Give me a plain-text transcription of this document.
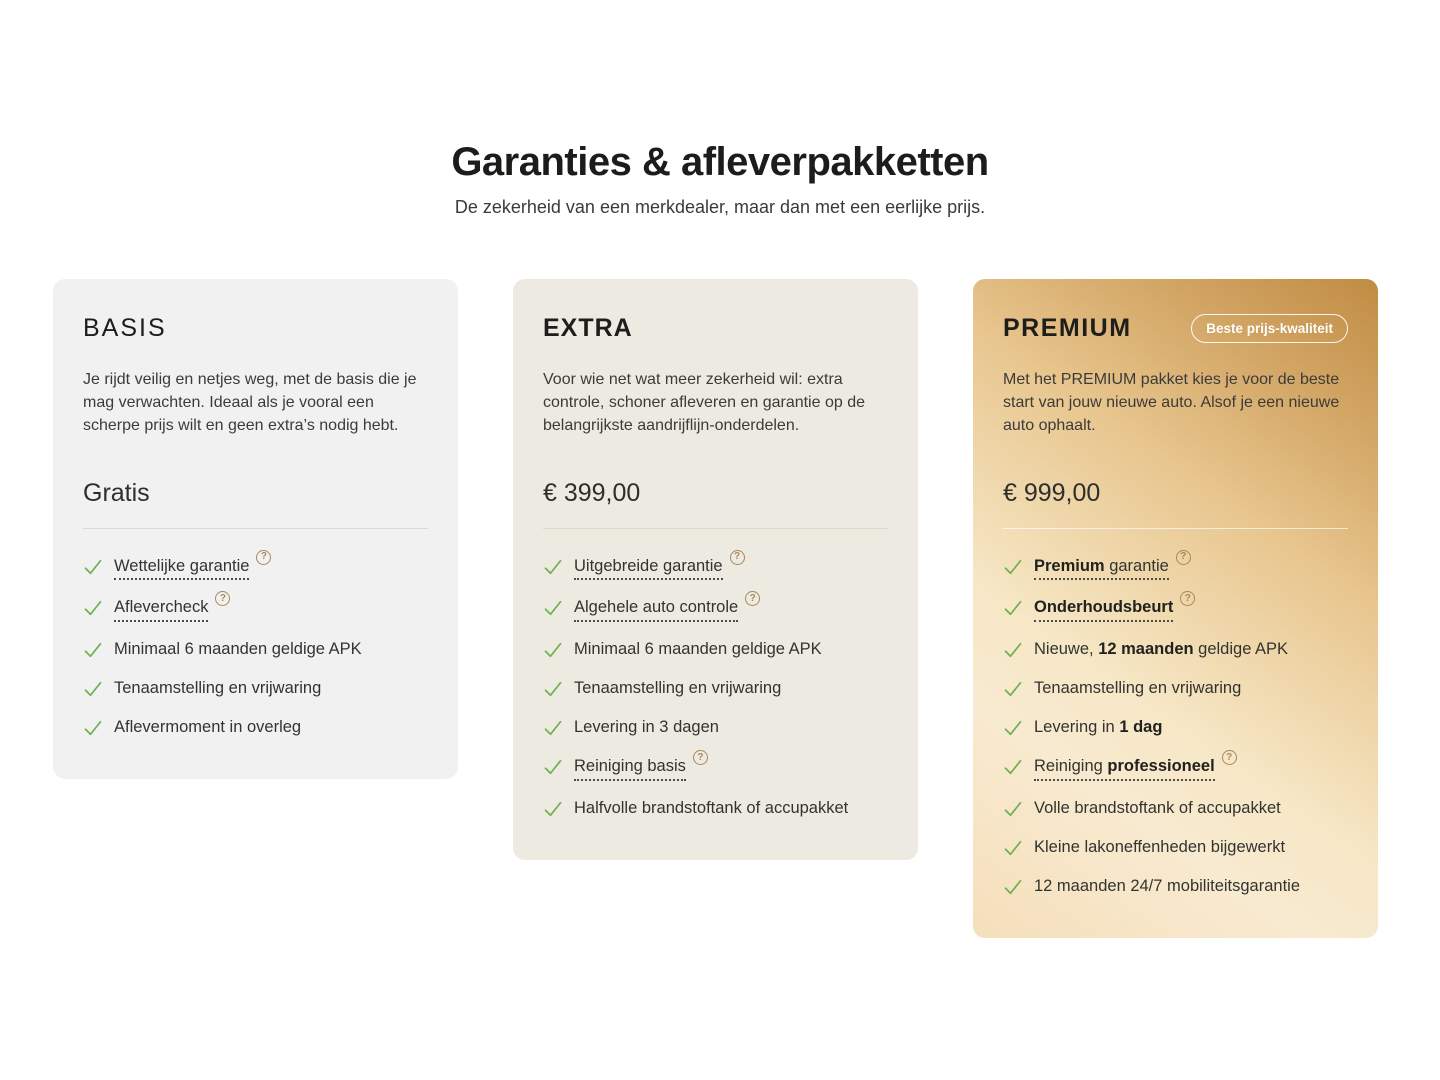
Garanties & afleverpakketten

De zekerheid van een merkdealer, maar dan met een eerlijke prijs.

BASIS

Je rijdt veilig en netjes weg, met de basis die je mag verwachten. Ideaal als je vooral een scherpe prijs wilt en geen extra’s nodig hebt.

Gratis
Wettelijke garantie	?
Aflevercheck	?
Minimaal 6 maanden geldige APK
Tenaamstelling en vrijwaring
Aflevermoment in overleg
EXTRA

Voor wie net wat meer zekerheid wil: extra controle, schoner afleveren en garantie op de belangrijkste aandrijflijn-onderdelen.

€ 399,00
Uitgebreide garantie	?
Algehele auto controle	?
Minimaal 6 maanden geldige APK
Tenaamstelling en vrijwaring
Levering in 3 dagen
Reiniging basis	?
Halfvolle brandstoftank of accupakket
PREMIUM	Beste prijs-kwaliteit

Met het PREMIUM pakket kies je voor de beste start van jouw nieuwe auto. Alsof je een nieuwe auto ophaalt.

€ 999,00
Premium garantie	?
Onderhoudsbeurt	?
Nieuwe, 12 maanden geldige APK
Tenaamstelling en vrijwaring
Levering in 1 dag
Reiniging professioneel	?
Volle brandstoftank of accupakket
Kleine lakoneffenheden bijgewerkt
12 maanden 24/7 mobiliteitsgarantie
